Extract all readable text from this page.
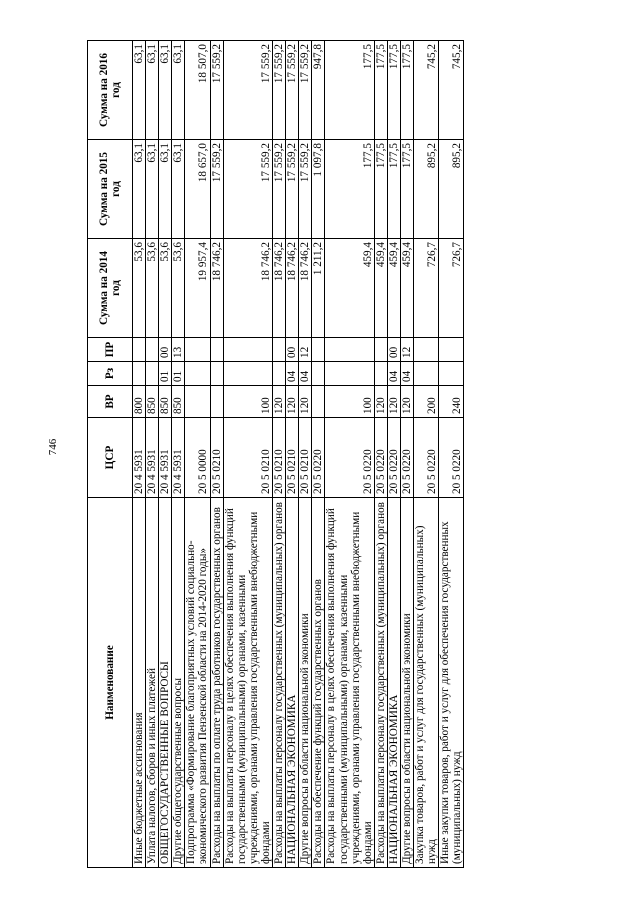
746
Наименование	ЦСР	ВР	Рз	ПР	Сумма на 2014 год	Сумма на 2015 год	Сумма на 2016 год
Иные бюджетные ассигнования	20 4 5931	800			53,6	63,1	63,1
Уплата налогов, сборов и иных платежей	20 4 5931	850			53,6	63,1	63,1
ОБЩЕГОСУДАРСТВЕННЫЕ ВОПРОСЫ	20 4 5931	850	01	00	53,6	63,1	63,1
Другие общегосударственные вопросы	20 4 5931	850	01	13	53,6	63,1	63,1
Подпрограмма «Формирование благоприятных условий социально-экономического развития Пензенской области на 2014-2020 годы»	20 5 0000				19 957,4	18 657,0	18 507,0
Расходы на выплаты по оплате труда работников государственных органов	20 5 0210				18 746,2	17 559,2	17 559,2
Расходы на выплаты персоналу в целях обеспечения выполнения функций государственными (муниципальными) органами, казенными учреждениями, органами управления государственными внебюджетными фондами	20 5 0210	100			18 746,2	17 559,2	17 559,2
Расходы на выплаты персоналу государственных (муниципальных) органов	20 5 0210	120			18 746,2	17 559,2	17 559,2
НАЦИОНАЛЬНАЯ ЭКОНОМИКА	20 5 0210	120	04	00	18 746,2	17 559,2	17 559,2
Другие вопросы в области национальной экономики	20 5 0210	120	04	12	18 746,2	17 559,2	17 559,2
Расходы на обеспечение функций государственных органов	20 5 0220				1 211,2	1 097,8	947,8
Расходы на выплаты персоналу в целях обеспечения выполнения функций государственными (муниципальными) органами, казенными учреждениями, органами управления государственными внебюджетными фондами	20 5 0220	100			459,4	177,5	177,5
Расходы на выплаты персоналу государственных (муниципальных) органов	20 5 0220	120			459,4	177,5	177,5
НАЦИОНАЛЬНАЯ ЭКОНОМИКА	20 5 0220	120	04	00	459,4	177,5	177,5
Другие вопросы в области национальной экономики	20 5 0220	120	04	12	459,4	177,5	177,5
Закупка товаров, работ и услуг для государственных (муниципальных) нужд	20 5 0220	200			726,7	895,2	745,2
Иные закупки товаров, работ и услуг для обеспечения государственных (муниципальных) нужд	20 5 0220	240			726,7	895,2	745,2
